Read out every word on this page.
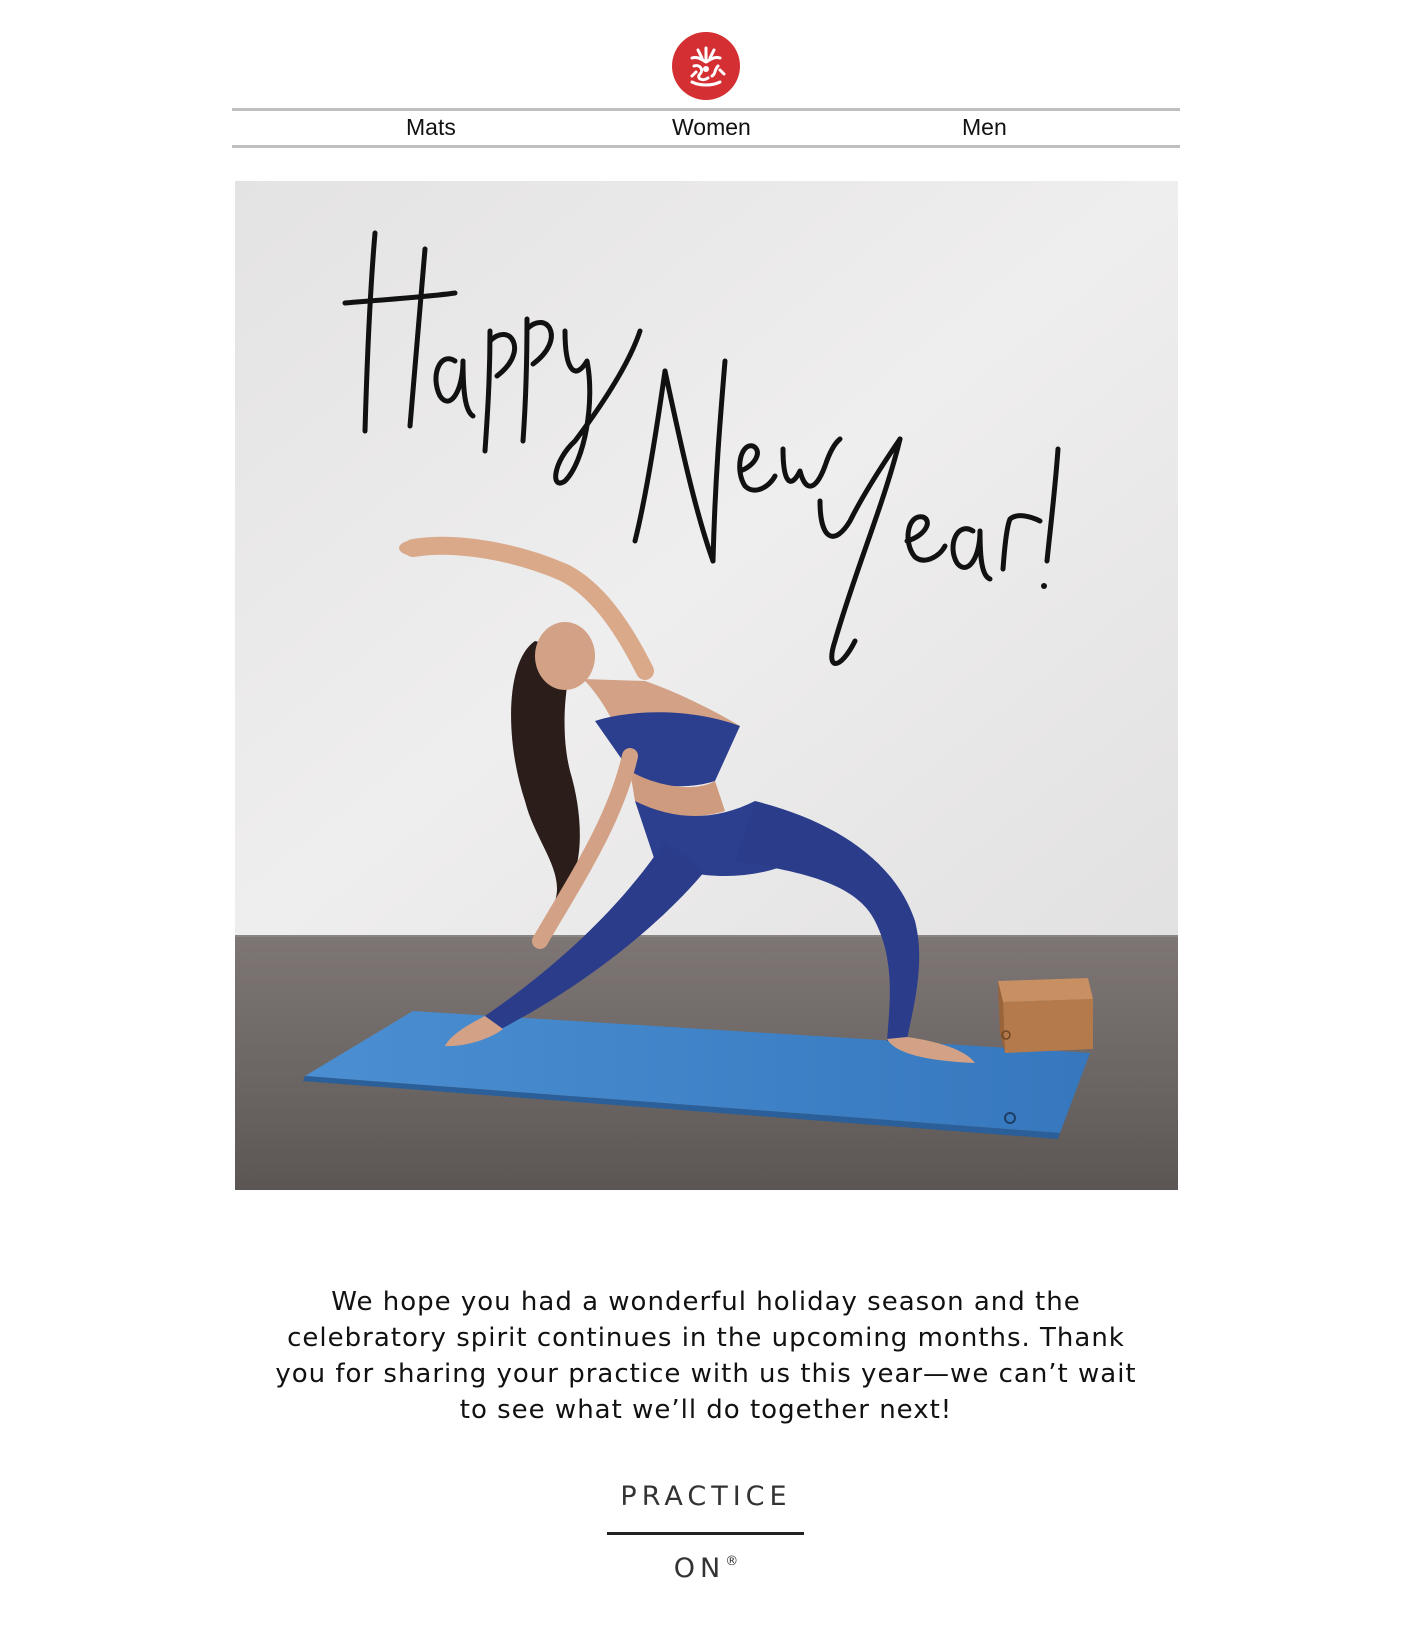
Mats	Women	Men

We hope you had a wonderful holiday season and the celebratory spirit continues in the upcoming months. Thank you for sharing your practice with us this year—we can’t wait to see what we’ll do together next!

PRACTICE
ON®
